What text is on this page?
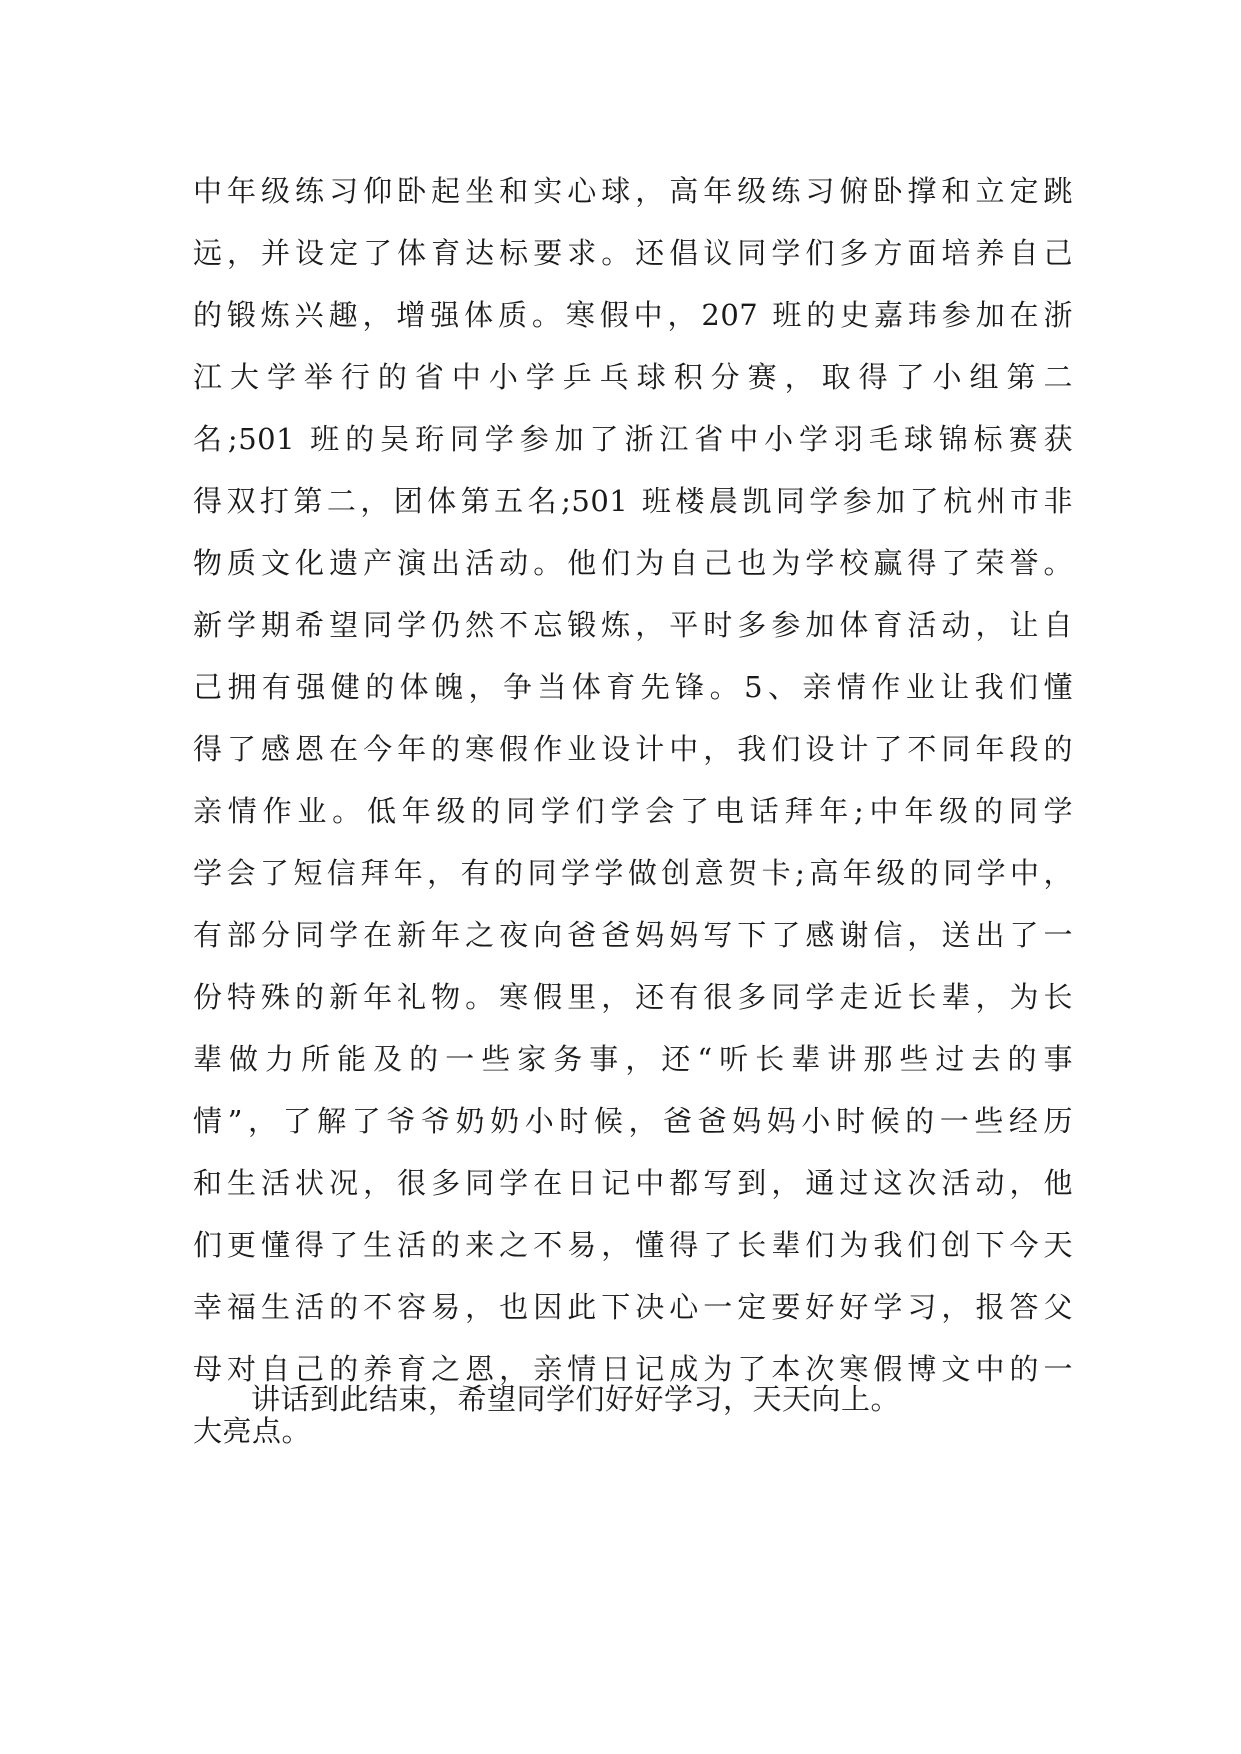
中年级练习仰卧起坐和实心球，高年级练习俯卧撑和立定跳
远，并设定了体育达标要求。还倡议同学们多方面培养自己
的锻炼兴趣，增强体质。寒假中，207 班的史嘉玮参加在浙
江大学举行的省中小学乒乓球积分赛，取得了小组第二
名;501 班的吴珩同学参加了浙江省中小学羽毛球锦标赛获
得双打第二，团体第五名;501 班楼晨凯同学参加了杭州市非
物质文化遗产演出活动。他们为自己也为学校赢得了荣誉。
新学期希望同学仍然不忘锻炼，平时多参加体育活动，让自
己拥有强健的体魄，争当体育先锋。5、亲情作业让我们懂
得了感恩在今年的寒假作业设计中，我们设计了不同年段的
亲情作业。低年级的同学们学会了电话拜年;中年级的同学
学会了短信拜年，有的同学学做创意贺卡;高年级的同学中，
有部分同学在新年之夜向爸爸妈妈写下了感谢信，送出了一
份特殊的新年礼物。寒假里，还有很多同学走近长辈，为长
辈做力所能及的一些家务事，还“听长辈讲那些过去的事
情”，了解了爷爷奶奶小时候，爸爸妈妈小时候的一些经历
和生活状况，很多同学在日记中都写到，通过这次活动，他
们更懂得了生活的来之不易，懂得了长辈们为我们创下今天
幸福生活的不容易，也因此下决心一定要好好学习，报答父
母对自己的养育之恩，亲情日记成为了本次寒假博文中的一
大亮点。
讲话到此结束，希望同学们好好学习，天天向上。
